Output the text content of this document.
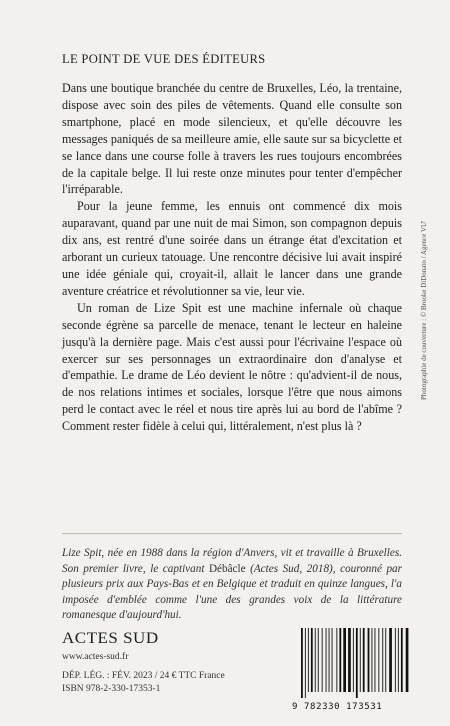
LE POINT DE VUE DES ÉDITEURS

Dans une boutique branchée du centre de Bruxelles, Léo, la trentaine, dispose avec soin des piles de vêtements. Quand elle consulte son smartphone, placé en mode silencieux, et qu'elle découvre les messages paniqués de sa meilleure amie, elle saute sur sa bicyclette et se lance dans une course folle à travers les rues toujours encombrées de la capitale belge. Il lui reste onze minutes pour tenter d'empêcher l'irréparable.

Pour la jeune femme, les ennuis ont commencé dix mois auparavant, quand par une nuit de mai Simon, son compagnon depuis dix ans, est rentré d'une soirée dans un étrange état d'excitation et arborant un curieux tatouage. Une rencontre décisive lui avait inspiré une idée géniale qui, croyait-il, allait le lancer dans une grande aventure créatrice et révolutionner sa vie, leur vie.

Un roman de Lize Spit est une machine infernale où chaque seconde égrène sa parcelle de menace, tenant le lecteur en haleine jusqu'à la dernière page. Mais c'est aussi pour l'écrivaine l'espace où exercer sur ses personnages un extraordinaire don d'analyse et d'empathie. Le drame de Léo devient le nôtre : qu'advient-il de nous, de nos relations intimes et sociales, lorsque l'être que nous aimons perd le contact avec le réel et nous tire après lui au bord de l'abîme ? Comment rester fidèle à celui qui, littéralement, n'est plus là ?

Lize Spit, née en 1988 dans la région d'Anvers, vit et travaille à Bruxelles. Son premier livre, le captivant Débâcle (Actes Sud, 2018), couronné par plusieurs prix aux Pays-Bas et en Belgique et traduit en quinze langues, l'a imposée d'emblée comme l'une des grandes voix de la littérature romanesque d'aujourd'hui.
ACTES SUD
www.actes-sud.fr
DÉP. LÉG. : FÉV. 2023 / 24 € TTC France
ISBN 978-2-330-17353-1
Photographie de couverture : © Brooke DiDonato / Agence VU'
9 782330 173531
